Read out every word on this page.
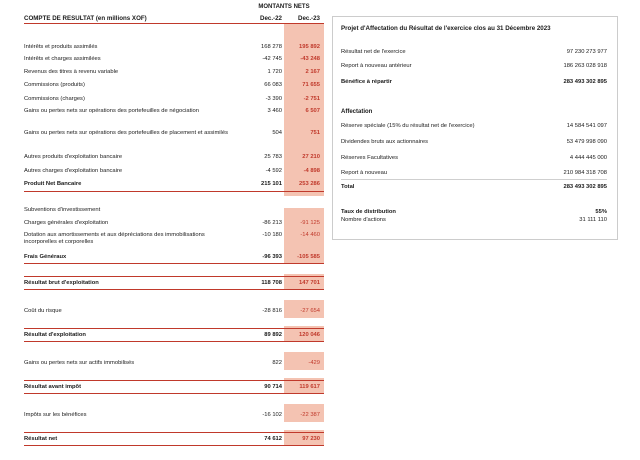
MONTANTS NETS
COMPTE DE RESULTAT (en millions XOF)	Dec.-22	Dec.-23
Intérêts et produits assimilés	168 278	195 892
Intérêts et charges assimilées	-42 745	-43 248
Revenus des titres à revenu variable	1 720	2 167
Commissions (produits)	66 083	71 655
Commissions (charges)	-3 390	-2 751
Gains ou pertes nets sur opérations des portefeuilles de négociation	3 460	6 507
Gains ou pertes nets sur opérations des portefeuilles de placement et assimilés	504	751
Autres produits d'exploitation bancaire	25 783	27 210
Autres charges d'exploitation bancaire	-4 592	-4 898
Produit Net Bancaire	215 101	253 286
Subventions d'investissement
Charges générales d'exploitation	-86 213	-91 125
Dotation aux amortissements et aux dépréciations des immobilisations incorporelles et corporelles
-10 180	-14 460
Frais Généraux	-96 393	-105 585
Résultat brut d'exploitation	118 708	147 701
Coût du risque	-28 816	-27 654
Résultat d'exploitation	89 892	120 046
Gains ou pertes nets sur actifs immobilisés	822	-429
Résultat avant impôt	90 714	119 617
Impôts sur les bénéfices	-16 102	-22 387
Résultat net	74 612	97 230
Projet d'Affectation du Résultat de l'exercice clos au 31 Décembre 2023
Résultat net de l'exercice	97 230 273 977
Report à nouveau antérieur	186 263 028 918
Bénéfice à répartir	283 493 302 895
Affectation
Réserve spéciale (15% du résultat net de l'exercice)	14 584 541 097
Dividendes bruts aux actionnaires	53 479 998 090
Réserves Facultatives	4 444 445 000
Report à nouveau	210 984 318 708
Total	283 493 302 895
Taux de distribution	55%
Nombre d'actions	31 111 110
